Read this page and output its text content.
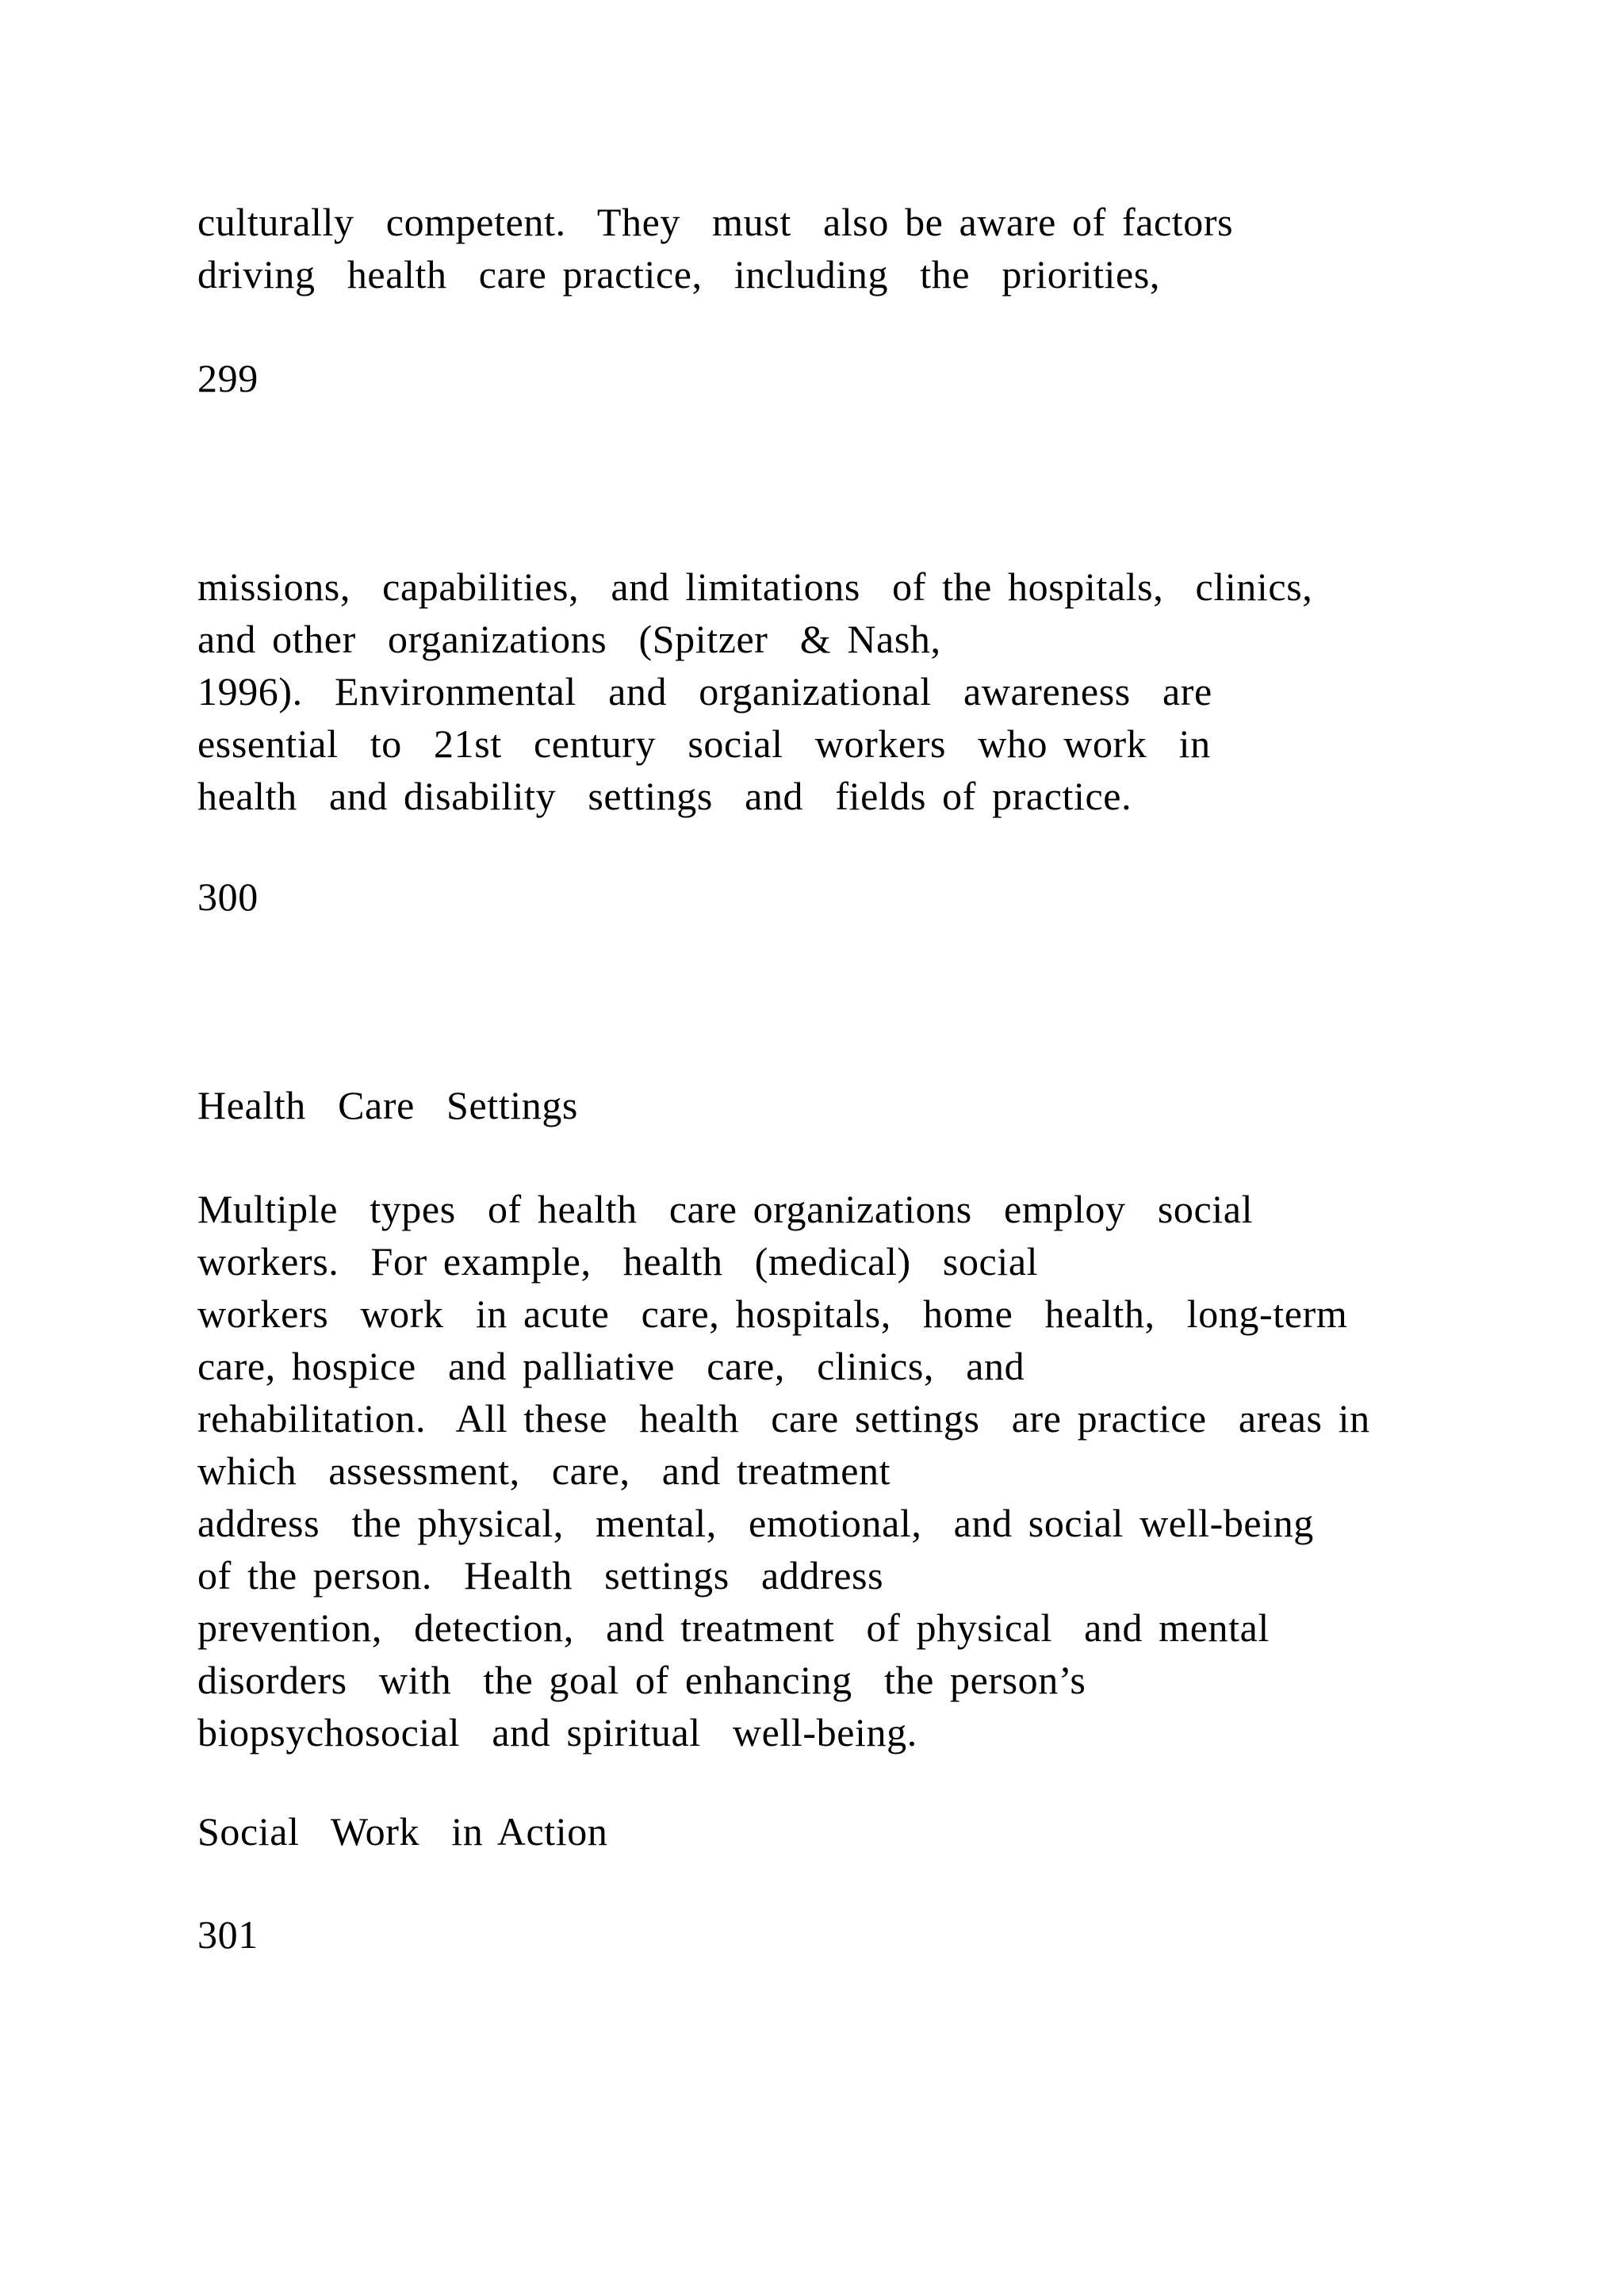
culturally  competent.  They  must  also be aware of factors
driving  health  care practice,  including  the  priorities,
299
missions,  capabilities,  and limitations  of the hospitals,  clinics,
and other  organizations  (Spitzer  & Nash,
1996).  Environmental  and  organizational  awareness  are
essential  to  21st  century  social  workers  who work  in
health  and disability  settings  and  fields of practice.
300
Health  Care  Settings
Multiple  types  of health  care organizations  employ  social
workers.  For example,  health  (medical)  social
workers  work  in acute  care, hospitals,  home  health,  long-term
care, hospice  and palliative  care,  clinics,  and
rehabilitation.  All these  health  care settings  are practice  areas in
which  assessment,  care,  and treatment
address  the physical,  mental,  emotional,  and social well-being
of the person.  Health  settings  address
prevention,  detection,  and treatment  of physical  and mental
disorders  with  the goal of enhancing  the person’s
biopsychosocial  and spiritual  well-being.
Social  Work  in Action
301
